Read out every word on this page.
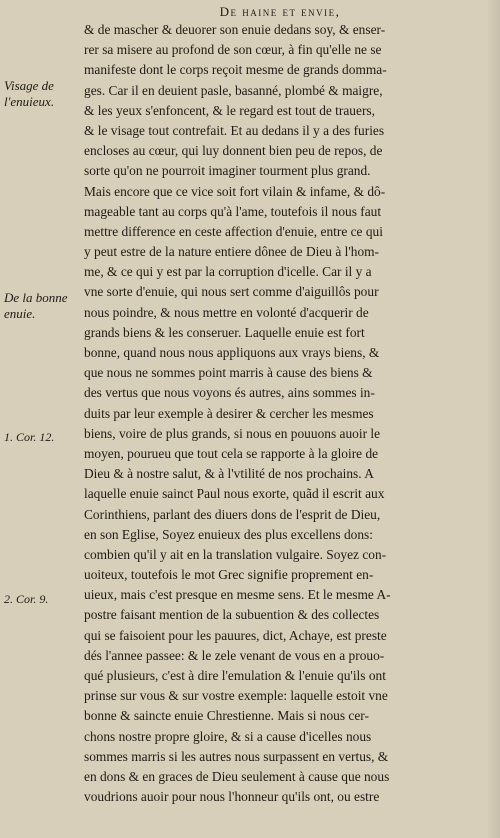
De haine et envie,
Visage de
l'enuieux.
De la bonne
enuie.
1. Cor. 12.
2. Cor. 9.
& de mascher & deuorer son enuie dedans soy, & enser-
rer sa misere au profond de son cœur, à fin qu'elle ne se
manifeste dont le corps reçoit mesme de grands domma-
ges. Car il en deuient pasle, basanné, plombé & maigre,
& les yeux s'enfoncent, & le regard est tout de trauers,
& le visage tout contrefait. Et au dedans il y a des furies
encloses au cœur, qui luy donnent bien peu de repos, de
sorte qu'on ne pourroit imaginer tourment plus grand.
Mais encore que ce vice soit fort vilain & infame, & dô-
mageable tant au corps qu'à l'ame, toutefois il nous faut
mettre difference en ceste affection d'enuie, entre ce qui
y peut estre de la nature entiere dônee de Dieu à l'hom-
me, & ce qui y est par la corruption d'icelle. Car il y a
vne sorte d'enuie, qui nous sert comme d'aiguillôs pour
nous poindre, & nous mettre en volonté d'acquerir de
grands biens & les conseruer. Laquelle enuie est fort
bonne, quand nous nous appliquons aux vrays biens, &
que nous ne sommes point marris à cause des biens &
des vertus que nous voyons és autres, ains sommes in-
duits par leur exemple à desirer & cercher les mesmes
biens, voire de plus grands, si nous en pouuons auoir le
moyen, pourueu que tout cela se rapporte à la gloire de
Dieu & à nostre salut, & à l'vtilité de nos prochains. A
laquelle enuie sainct Paul nous exorte, quãd il escrit aux
Corinthiens, parlant des diuers dons de l'esprit de Dieu,
en son Eglise, Soyez enuieux des plus excellens dons:
combien qu'il y ait en la translation vulgaire. Soyez con-
uoiteux, toutefois le mot Grec signifie proprement en-
uieux, mais c'est presque en mesme sens. Et le mesme A-
postre faisant mention de la subuention & des collectes
qui se faisoient pour les pauures, dict, Achaye, est preste
dés l'annee passee: & le zele venant de vous en a prouo-
qué plusieurs, c'est à dire l'emulation & l'enuie qu'ils ont
prinse sur vous & sur vostre exemple: laquelle estoit vne
bonne & saincte enuie Chrestienne. Mais si nous cer-
chons nostre propre gloire, & si a cause d'icelles nous
sommes marris si les autres nous surpassent en vertus, &
en dons & en graces de Dieu seulement à cause que nous
voudrions auoir pour nous l'honneur qu'ils ont, ou estre
